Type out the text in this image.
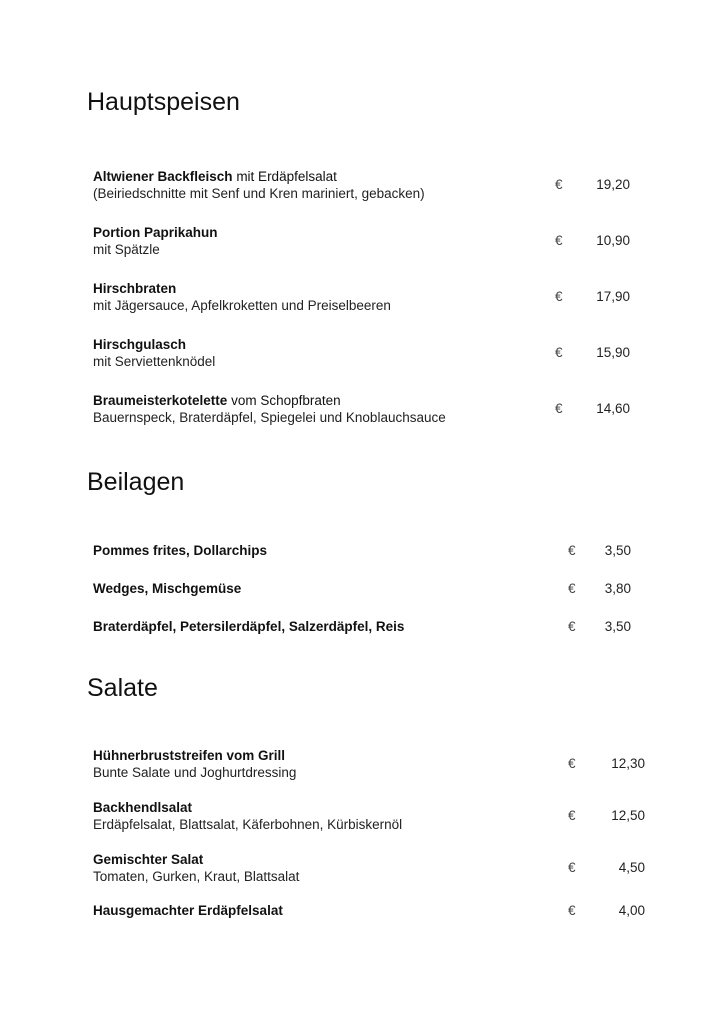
Hauptspeisen
Altwiener Backfleisch mit Erdäpfelsalat
(Beiriedschnitte mit Senf und Kren mariniert, gebacken)
€	19,20
Portion Paprikahun
mit Spätzle
€	10,90
Hirschbraten
mit Jägersauce, Apfelkroketten und Preiselbeeren
€	17,90
Hirschgulasch
mit Serviettenknödel
€	15,90
Braumeisterkotelette vom Schopfbraten
Bauernspeck, Braterdäpfel, Spiegelei und Knoblauchsauce
€	14,60
Beilagen
Pommes frites, Dollarchips	€	3,50
Wedges, Mischgemüse	€	3,80
Braterdäpfel, Petersilerdäpfel, Salzerdäpfel, Reis	€	3,50
Salate
Hühnerbruststreifen vom Grill
Bunte Salate und Joghurtdressing
€	12,30
Backhendlsalat
Erdäpfelsalat, Blattsalat, Käferbohnen, Kürbiskernöl
€	12,50
Gemischter Salat
Tomaten, Gurken, Kraut, Blattsalat
€	4,50
Hausgemachter Erdäpfelsalat	€	4,00
